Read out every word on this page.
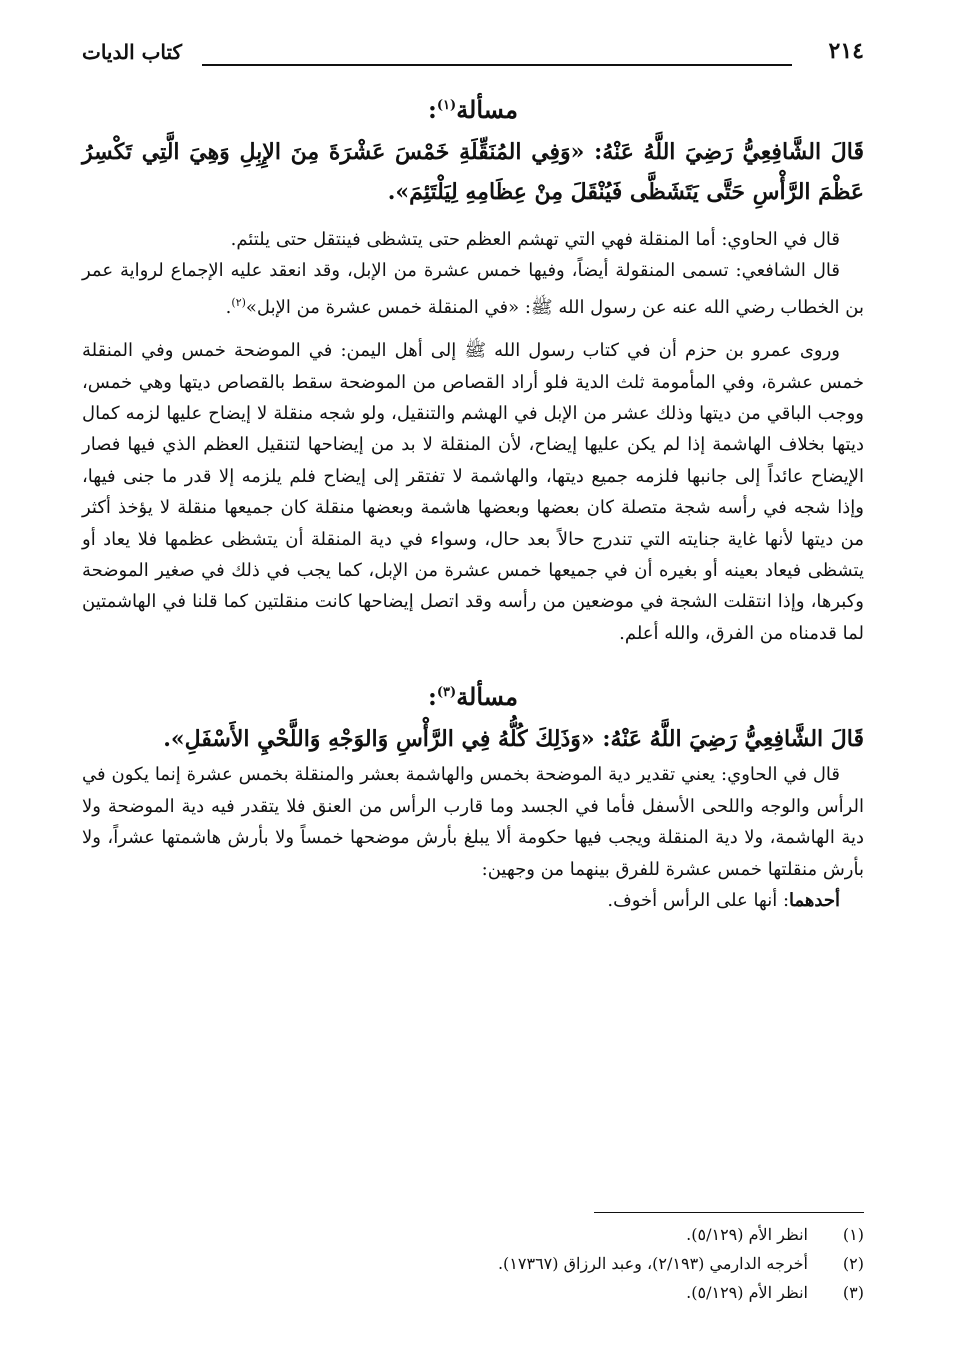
٢١٤
كتاب الديات

مسألة$^{(١)}$:

قَالَ الشَّافِعِيُّ رَضِيَ اللَّهُ عَنْهُ: «وَفِي المُنَقِّلَةِ خَمْسَ عَشْرَةَ مِنَ الإِبِلِ وَهِيَ الَّتِي تَكْسِرُ عَظْمَ الرَّأْسِ حَتَّى يَتَشَظَّى فَيُنْقَلَ مِنْ عِظَامِهِ لِيَلْتَئِمَ».

قال في الحاوي: أما المنقلة فهي التي تهشم العظم حتى يتشظى فينتقل حتى يلتئم.

قال الشافعي: تسمى المنقولة أيضاً، وفيها خمس عشرة من الإبل، وقد انعقد عليه الإجماع لرواية عمر بن الخطاب رضي الله عنه عن رسول الله ﷺ: «في المنقلة خمس عشرة من الإبل»$^{(٢)}$.

وروى عمرو بن حزم أن في كتاب رسول الله ﷺ إلى أهل اليمن: في الموضحة خمس وفي المنقلة خمس عشرة، وفي المأمومة ثلث الدية فلو أراد القصاص من الموضحة سقط بالقصاص ديتها وهي خمس، ووجب الباقي من ديتها وذلك عشر من الإبل في الهشم والتنقيل، ولو شجه منقلة لا إيضاح عليها لزمه كمال ديتها بخلاف الهاشمة إذا لم يكن عليها إيضاح، لأن المنقلة لا بد من إيضاحها لتنقيل العظم الذي فيها فصار الإيضاح عائداً إلى جانبها فلزمه جميع ديتها، والهاشمة لا تفتقر إلى إيضاح فلم يلزمه إلا قدر ما جنى فيها، وإذا شجه في رأسه شجة متصلة كان بعضها وبعضها هاشمة وبعضها منقلة كان جميعها منقلة لا يؤخذ أكثر من ديتها لأنها غاية جنايته التي تندرج حالاً بعد حال، وسواء في دية المنقلة أن يتشظى عظمها فلا يعاد أو يتشظى فيعاد بعينه أو بغيره أن في جميعها خمس عشرة من الإبل، كما يجب في ذلك في صغير الموضحة وكبرها، وإذا انتقلت الشجة في موضعين من رأسه وقد اتصل إيضاحها كانت منقلتين كما قلنا في الهاشمتين لما قدمناه من الفرق، والله أعلم.

مسألة$^{(٣)}$:

قَالَ الشَّافِعِيُّ رَضِيَ اللَّهُ عَنْهُ: «وَذَلِكَ كُلُّهُ فِي الرَّأْسِ وَالوَجْهِ وَاللَّحْيِ الأَسْفَلِ».

قال في الحاوي: يعني تقدير دية الموضحة بخمس والهاشمة بعشر والمنقلة بخمس عشرة إنما يكون في الرأس والوجه واللحى الأسفل فأما في الجسد وما قارب الرأس من العنق فلا يتقدر فيه دية الموضحة ولا دية الهاشمة، ولا دية المنقلة ويجب فيها حكومة ألا يبلغ بأرش موضحها خمساً ولا بأرش هاشمتها عشراً، ولا بأرش منقلتها خمس عشرة للفرق بينهما من وجهين:

أحدهما: أنها على الرأس أخوف.

(١)
انظر الأم (٥/١٢٩).
(٢)
أخرجه الدارمي (٢/١٩٣)، وعبد الرزاق (١٧٣٦٧).
(٣)
انظر الأم (٥/١٢٩).
